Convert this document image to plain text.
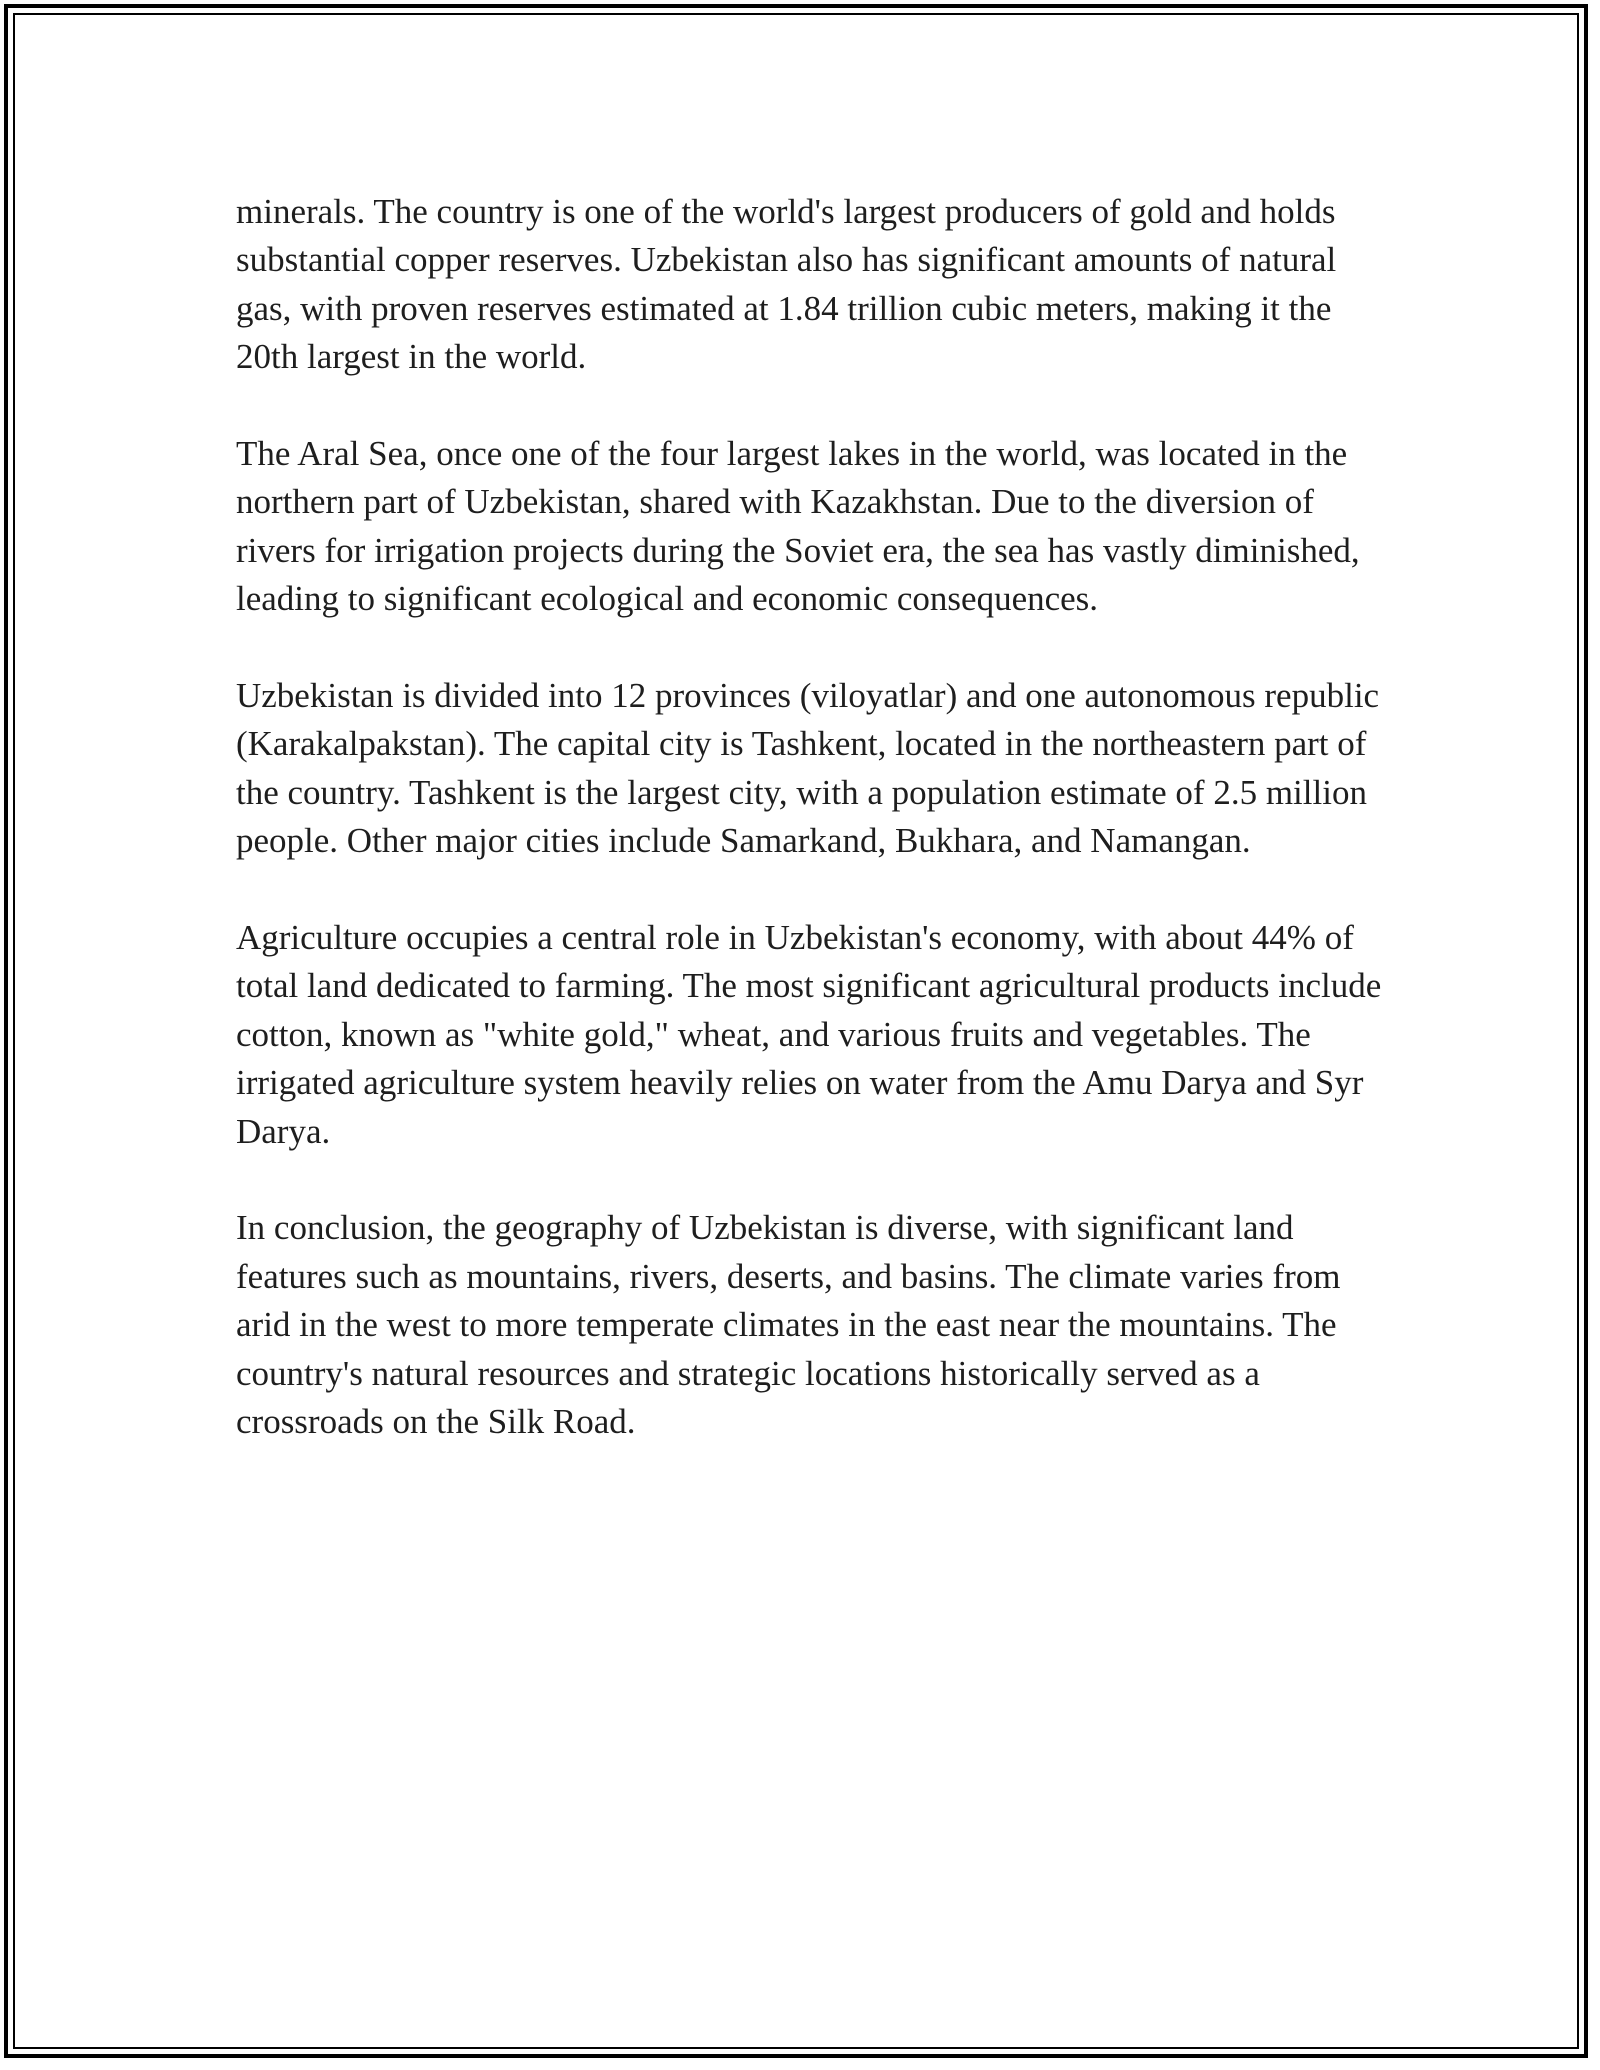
minerals. The country is one of the world's largest producers of gold and holds substantial copper reserves. Uzbekistan also has significant amounts of natural gas, with proven reserves estimated at 1.84 trillion cubic meters, making it the 20th largest in the world.

The Aral Sea, once one of the four largest lakes in the world, was located in the northern part of Uzbekistan, shared with Kazakhstan. Due to the diversion of rivers for irrigation projects during the Soviet era, the sea has vastly diminished, leading to significant ecological and economic consequences.

Uzbekistan is divided into 12 provinces (viloyatlar) and one autonomous republic (Karakalpakstan). The capital city is Tashkent, located in the northeastern part of the country. Tashkent is the largest city, with a population estimate of 2.5 million people. Other major cities include Samarkand, Bukhara, and Namangan.

Agriculture occupies a central role in Uzbekistan's economy, with about 44% of total land dedicated to farming. The most significant agricultural products include cotton, known as "white gold," wheat, and various fruits and vegetables. The irrigated agriculture system heavily relies on water from the Amu Darya and Syr Darya.

In conclusion, the geography of Uzbekistan is diverse, with significant land features such as mountains, rivers, deserts, and basins. The climate varies from arid in the west to more temperate climates in the east near the mountains. The country's natural resources and strategic locations historically served as a crossroads on the Silk Road.
